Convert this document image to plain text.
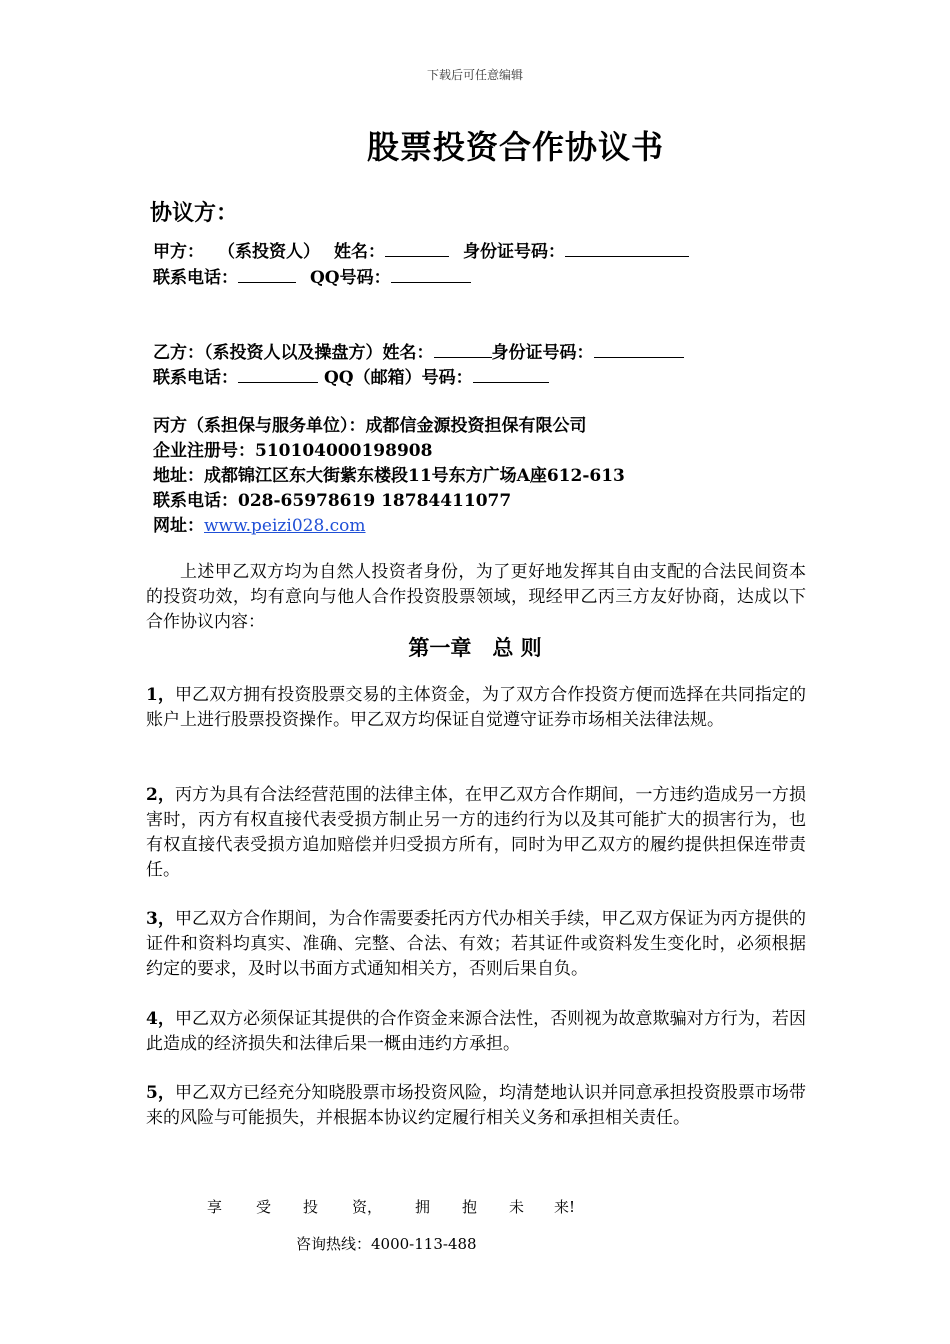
下载后可任意编辑
股票投资合作协议书
协议方：
甲方： （系投资人） 姓名：	身份证号码：
联系电话：	QQ号码：
乙方：（系投资人以及操盘方）姓名：	身份证号码：
联系电话：	QQ（邮箱）号码：
丙方（系担保与服务单位）：成都信金源投资担保有限公司
企业注册号：510104000198908
地址：成都锦江区东大街紫东楼段11号东方广场A座612-613
联系电话：028-65978619 18784411077
网址：www.peizi028.com
上述甲乙双方均为自然人投资者身份，为了更好地发挥其自由支配的合法民间资本的投资功效，均有意向与他人合作投资股票领域，现经甲乙丙三方友好协商，达成以下合作协议内容：
第一章　总 则
1，甲乙双方拥有投资股票交易的主体资金，为了双方合作投资方便而选择在共同指定的账户上进行股票投资操作。甲乙双方均保证自觉遵守证券市场相关法律法规。
2，丙方为具有合法经营范围的法律主体，在甲乙双方合作期间，一方违约造成另一方损害时，丙方有权直接代表受损方制止另一方的违约行为以及其可能扩大的损害行为，也有权直接代表受损方追加赔偿并归受损方所有，同时为甲乙双方的履约提供担保连带责任。
3，甲乙双方合作期间，为合作需要委托丙方代办相关手续，甲乙双方保证为丙方提供的证件和资料均真实、准确、完整、合法、有效；若其证件或资料发生变化时，必须根据约定的要求，及时以书面方式通知相关方，否则后果自负。
4，甲乙双方必须保证其提供的合作资金来源合法性，否则视为故意欺骗对方行为，若因此造成的经济损失和法律后果一概由违约方承担。
5，甲乙双方已经充分知晓股票市场投资风险，均清楚地认识并同意承担投资股票市场带来的风险与可能损失，并根据本协议约定履行相关义务和承担相关责任。
享 受 投 资， 拥 抱 未 来!
咨询热线：4000-113-488
